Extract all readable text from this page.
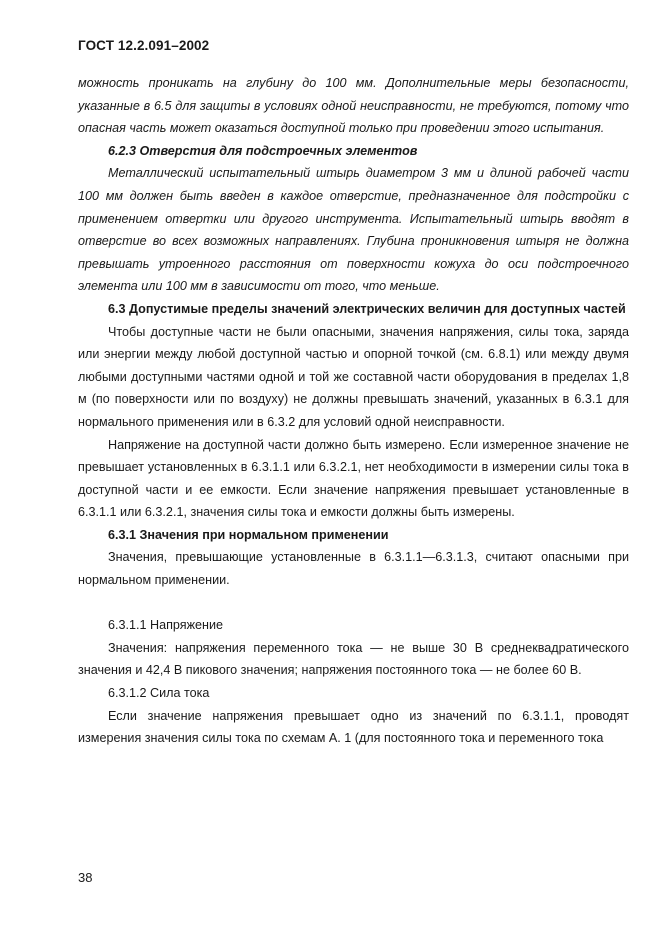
ГОСТ 12.2.091–2002

можность проникать на глубину до 100 мм. Дополнительные меры безопасности, указанные в 6.5 для защиты в условиях одной неисправности, не требуются, потому что опасная часть может оказаться доступной только при проведении этого испытания.

6.2.3 Отверстия для подстроечных элементов

Металлический испытательный штырь диаметром 3 мм и длиной рабочей части 100 мм должен быть введен в каждое отверстие, предназначенное для подстройки с применением отвертки или другого инструмента. Испытательный штырь вводят в отверстие во всех возможных направлениях. Глубина проникновения штыря не должна превышать утроенного расстояния от поверхности кожуха до оси подстроечного элемента или 100 мм в зависимости от того, что меньше.

6.3 Допустимые пределы значений электрических величин для доступных частей

Чтобы доступные части не были опасными, значения напряжения, силы тока, заряда или энергии между любой доступной частью и опорной точкой (см. 6.8.1) или между двумя любыми доступными частями одной и той же составной части оборудования в пределах 1,8 м (по поверхности или по воздуху) не должны превышать значений, указанных в 6.3.1 для нормального применения или в 6.3.2 для условий одной неисправности.

Напряжение на доступной части должно быть измерено. Если измеренное значение не превышает установленных в 6.3.1.1 или 6.3.2.1, нет необходимости в измерении силы тока в доступной части и ее емкости. Если значение напряжения превышает установленные в 6.3.1.1 или 6.3.2.1, значения силы тока и емкости должны быть измерены.

6.3.1 Значения при нормальном применении

Значения, превышающие установленные в 6.3.1.1—6.3.1.3, считают опасными при нормальном применении.

6.3.1.1 Напряжение

Значения: напряжения переменного тока — не выше 30 В среднеквадратического значения и 42,4 В пикового значения; напряжения постоянного тока — не более 60 В.

6.3.1.2 Сила тока

Если значение напряжения превышает одно из значений по 6.3.1.1, проводят измерения значения силы тока по схемам А. 1 (для постоянного тока и переменного тока

38
